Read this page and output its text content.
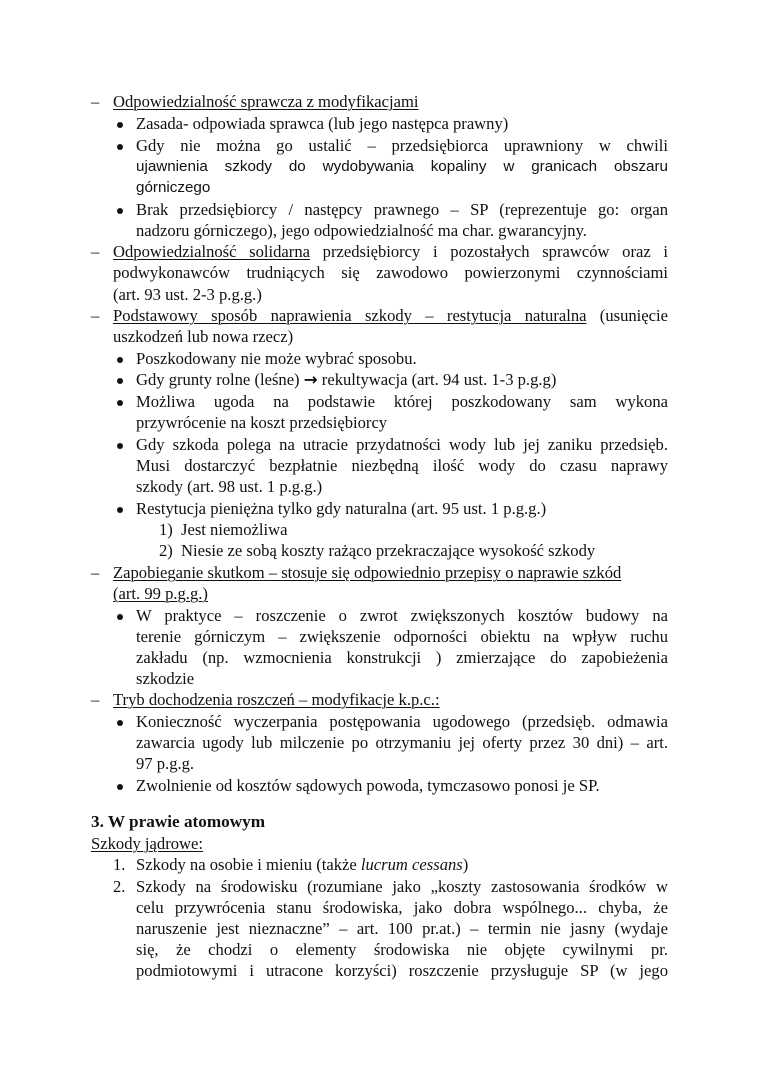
– Odpowiedzialność sprawcza z modyfikacjami
Zasada- odpowiada sprawca (lub jego następca prawny)
Gdy nie można go ustalić – przedsiębiorca uprawniony w chwili
ujawnienia szkody do wydobywania kopaliny w granicach obszaru
górniczego
Brak przedsiębiorcy / następcy prawnego – SP (reprezentuje go: organ
nadzoru górniczego), jego odpowiedzialność ma char. gwarancyjny.
– Odpowiedzialność solidarna przedsiębiorcy i pozostałych sprawców oraz i
podwykonawców trudniących się zawodowo powierzonymi czynnościami
(art. 93 ust. 2-3 p.g.g.)
– Podstawowy sposób naprawienia szkody – restytucja naturalna (usunięcie
uszkodzeń lub nowa rzecz)
Poszkodowany nie może wybrać sposobu.
Gdy grunty rolne (leśne) → rekultywacja (art. 94 ust. 1-3 p.g.g)
Możliwa ugoda na podstawie której poszkodowany sam wykona
przywrócenie na koszt przedsiębiorcy
Gdy szkoda polega na utracie przydatności wody lub jej zaniku przedsięb.
Musi dostarczyć bezpłatnie niezbędną ilość wody do czasu naprawy
szkody (art. 98 ust. 1 p.g.g.)
Restytucja pieniężna tylko gdy naturalna (art. 95 ust. 1 p.g.g.)
1) Jest niemożliwa
2) Niesie ze sobą koszty rażąco przekraczające wysokość szkody
– Zapobieganie skutkom – stosuje się odpowiednio przepisy o naprawie szkód
(art. 99 p.g.g.)
W praktyce – roszczenie o zwrot zwiększonych kosztów budowy na
terenie górniczym – zwiększenie odporności obiektu na wpływ ruchu
zakładu (np. wzmocnienia konstrukcji ) zmierzające do zapobieżenia
szkodzie
– Tryb dochodzenia roszczeń – modyfikacje k.p.c.:
Konieczność wyczerpania postępowania ugodowego (przedsięb. odmawia
zawarcia ugody lub milczenie po otrzymaniu jej oferty przez 30 dni) – art.
97 p.g.g.
Zwolnienie od kosztów sądowych powoda, tymczasowo ponosi je SP.
3. W prawie atomowym
Szkody jądrowe:
1. Szkody na osobie i mieniu (także lucrum cessans)
2. Szkody na środowisku (rozumiane jako „koszty zastosowania środków w
celu przywrócenia stanu środowiska, jako dobra wspólnego... chyba, że
naruszenie jest nieznaczne” – art. 100 pr.at.) – termin nie jasny (wydaje
się, że chodzi o elementy środowiska nie objęte cywilnymi pr.
podmiotowymi i utracone korzyści) roszczenie przysługuje SP (w jego
